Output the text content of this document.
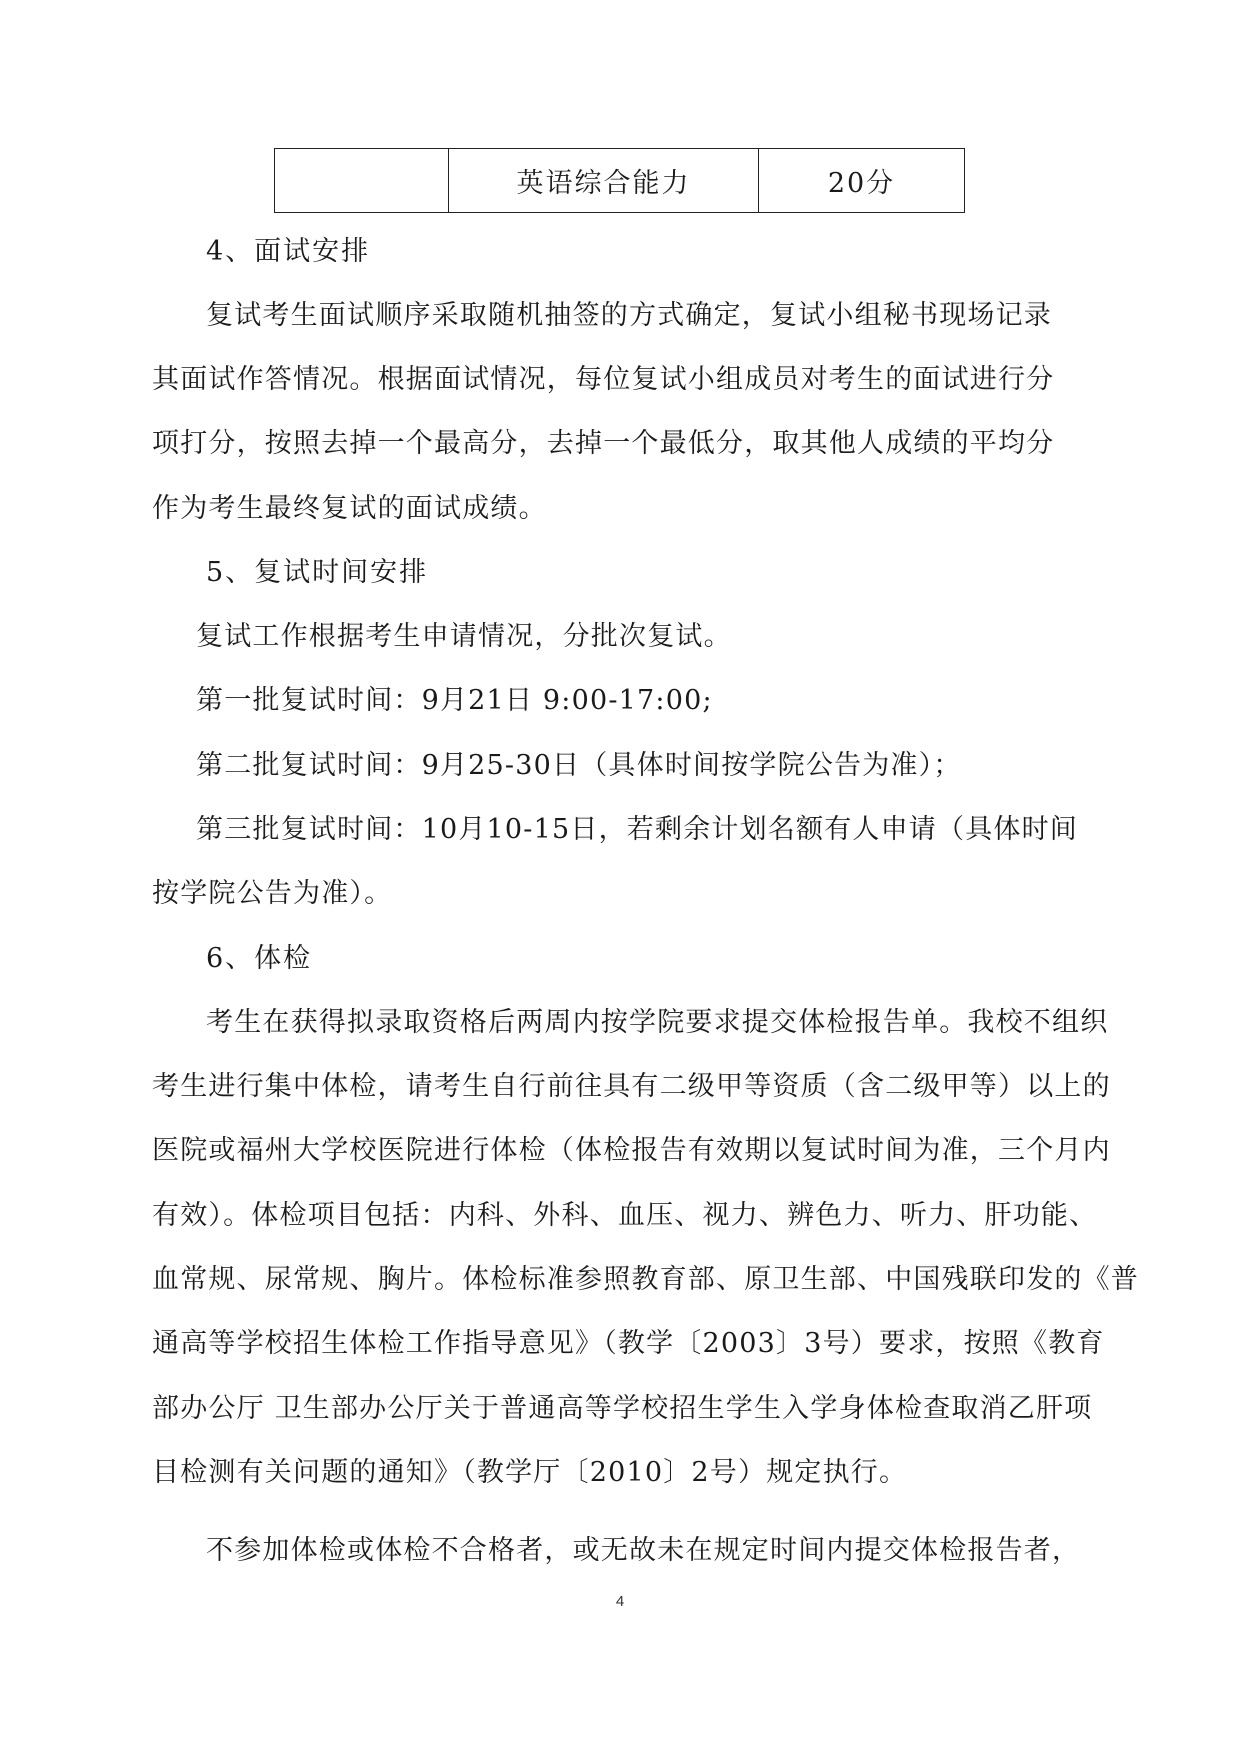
	英语综合能力	20分
4、面试安排
复试考生面试顺序采取随机抽签的方式确定，复试小组秘书现场记录
其面试作答情况。根据面试情况，每位复试小组成员对考生的面试进行分
项打分，按照去掉一个最高分，去掉一个最低分，取其他人成绩的平均分
作为考生最终复试的面试成绩。
5、复试时间安排
复试工作根据考生申请情况，分批次复试。
第一批复试时间：9月21日 9:00-17:00;
第二批复试时间：9月25-30日（具体时间按学院公告为准）；
第三批复试时间：10月10-15日，若剩余计划名额有人申请（具体时间
按学院公告为准）。
6、体检
考生在获得拟录取资格后两周内按学院要求提交体检报告单。我校不组织
考生进行集中体检，请考生自行前往具有二级甲等资质（含二级甲等）以上的
医院或福州大学校医院进行体检（体检报告有效期以复试时间为准，三个月内
有效）。体检项目包括：内科、外科、血压、视力、辨色力、听力、肝功能、
血常规、尿常规、胸片。体检标准参照教育部、原卫生部、中国残联印发的《普
通高等学校招生体检工作指导意见》（教学〔2003〕3号）要求，按照《教育
部办公厅 卫生部办公厅关于普通高等学校招生学生入学身体检查取消乙肝项
目检测有关问题的通知》（教学厅〔2010〕2号）规定执行。
不参加体检或体检不合格者，或无故未在规定时间内提交体检报告者，
4
